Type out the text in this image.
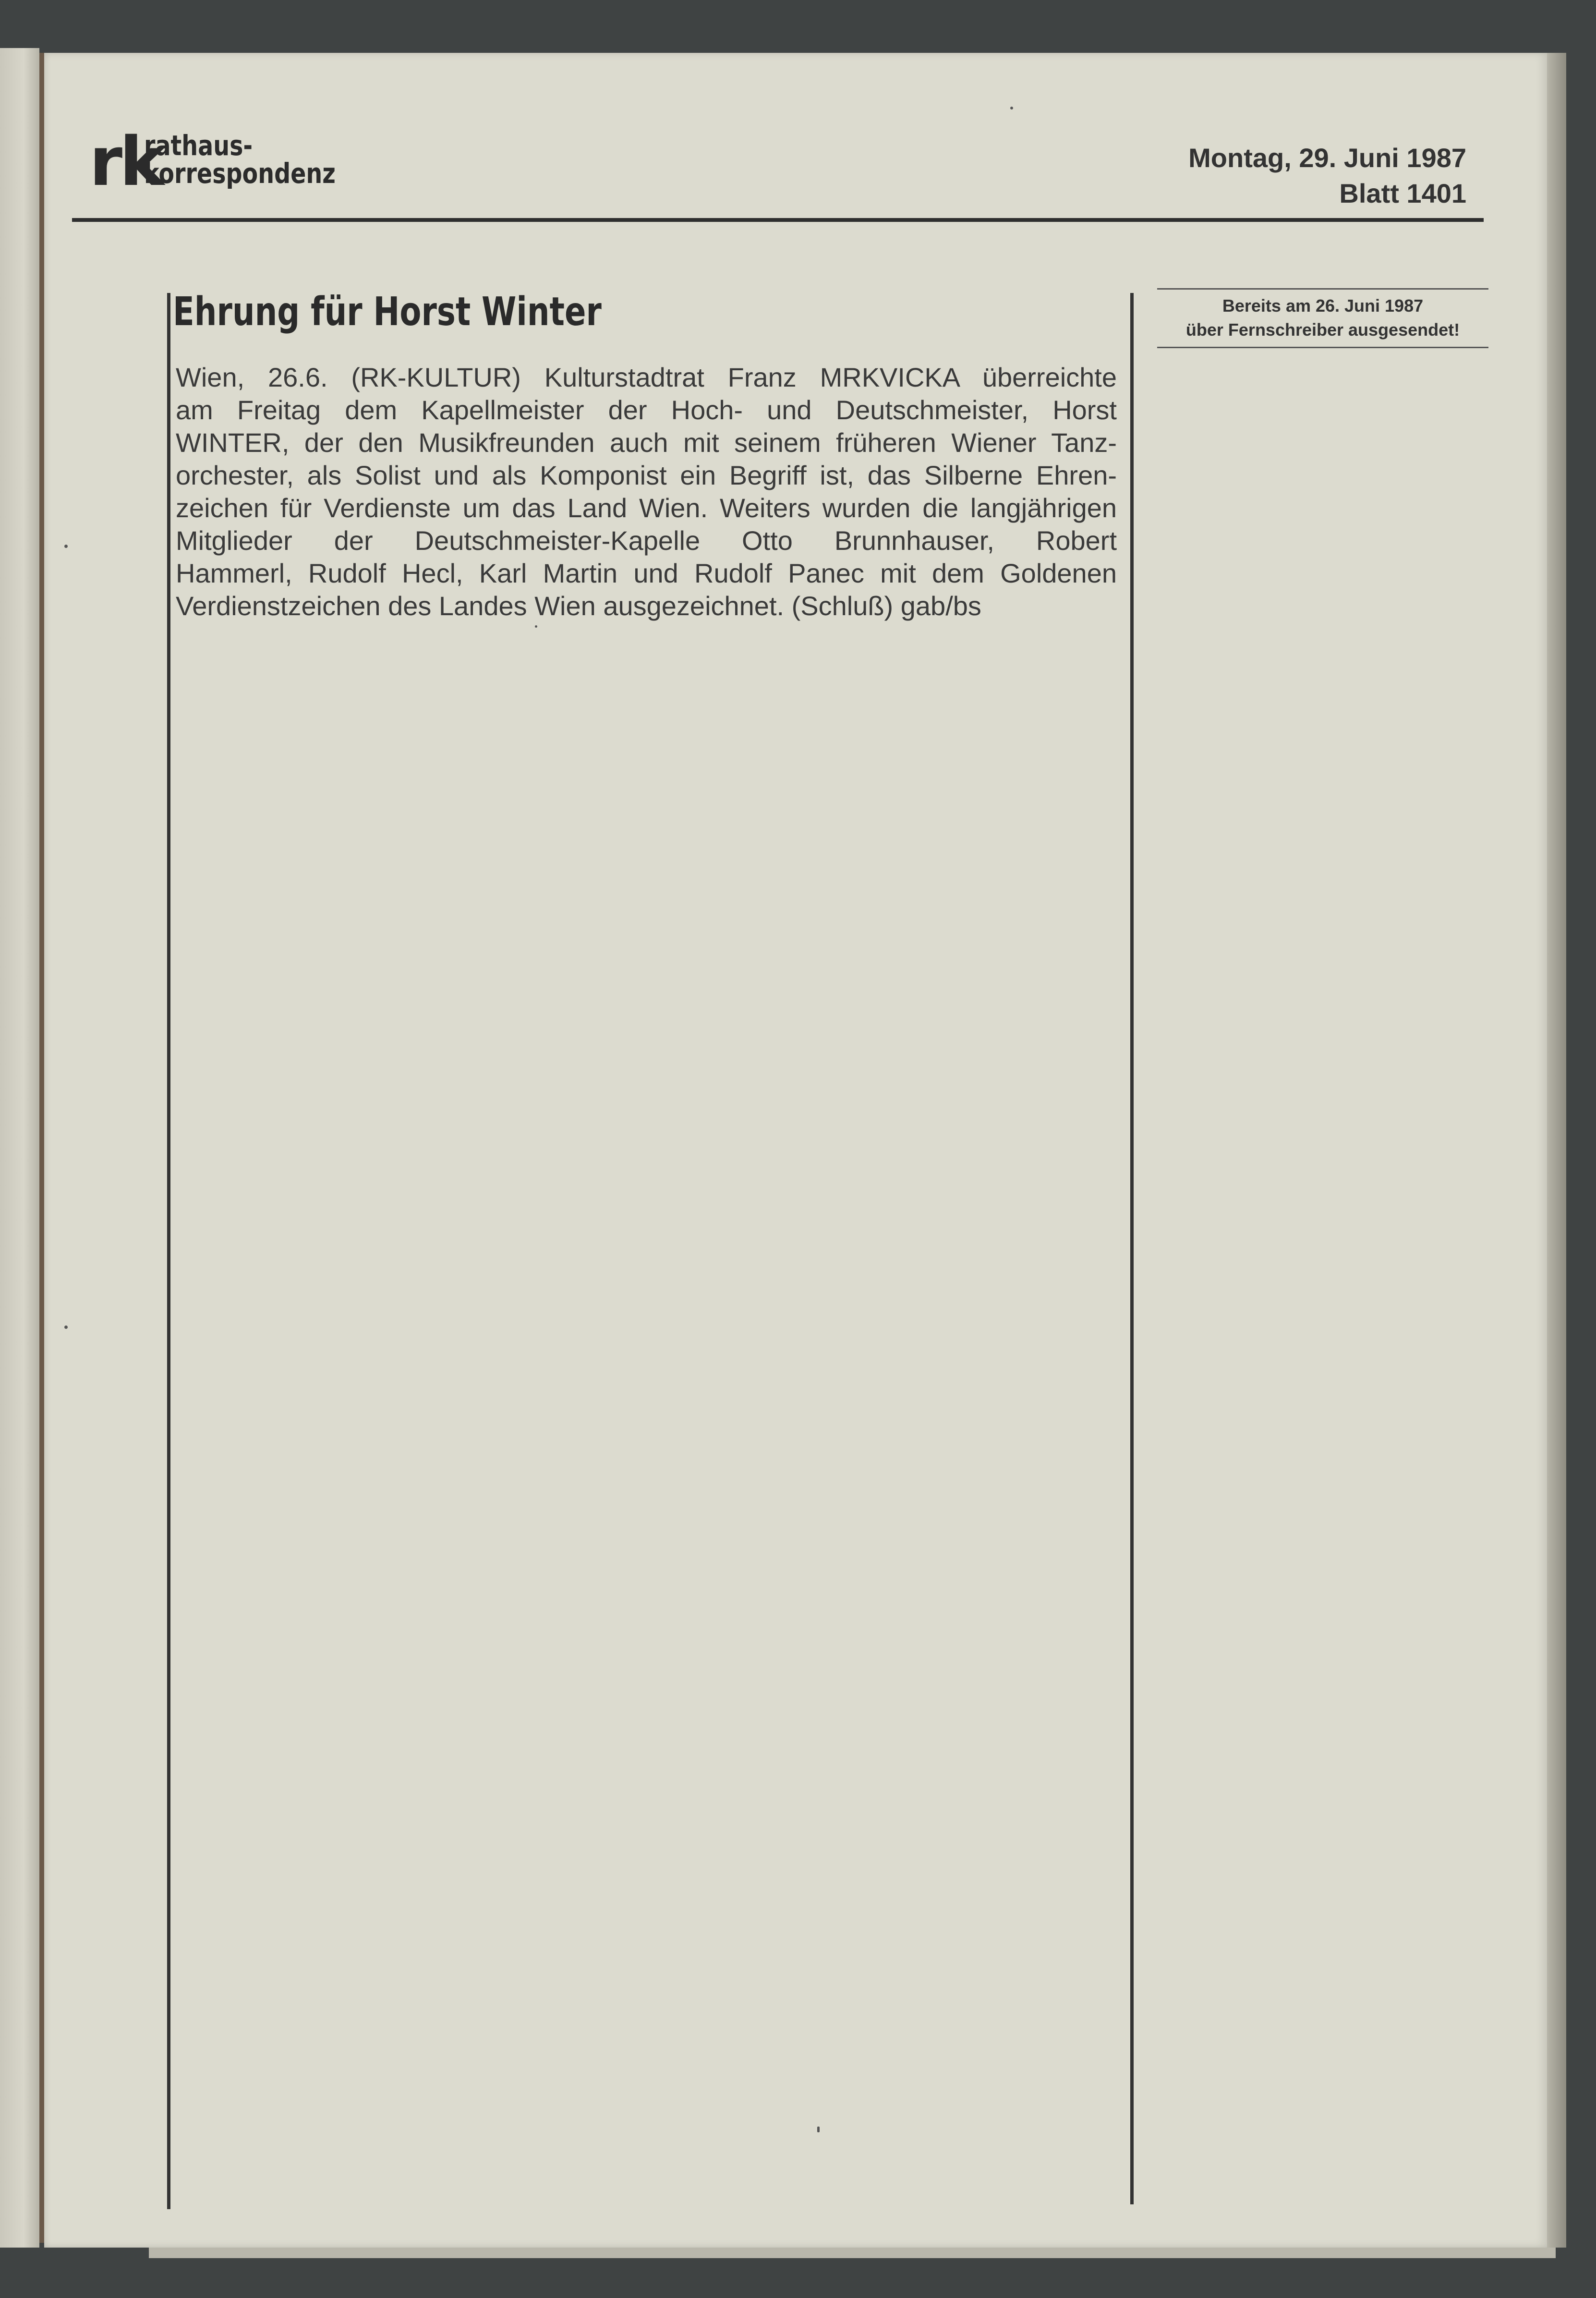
rk
rathaus-
korrespondenz	Montag, 29. Juni 1987
Blatt 1401
Ehrung für Horst Winter
Wien, 26.6. (RK-KULTUR) Kulturstadtrat Franz MRKVICKA überreichte
am Freitag dem Kapellmeister der Hoch- und Deutschmeister, Horst
WINTER, der den Musikfreunden auch mit seinem früheren Wiener Tanz-
orchester, als Solist und als Komponist ein Begriff ist, das Silberne Ehren-
zeichen für Verdienste um das Land Wien. Weiters wurden die langjährigen
Mitglieder der Deutschmeister-Kapelle Otto Brunnhauser, Robert
Hammerl, Rudolf Hecl, Karl Martin und Rudolf Panec mit dem Goldenen
Verdienstzeichen des Landes Wien ausgezeichnet. (Schluß) gab/bs
Bereits am 26. Juni 1987
über Fernschreiber ausgesendet!
